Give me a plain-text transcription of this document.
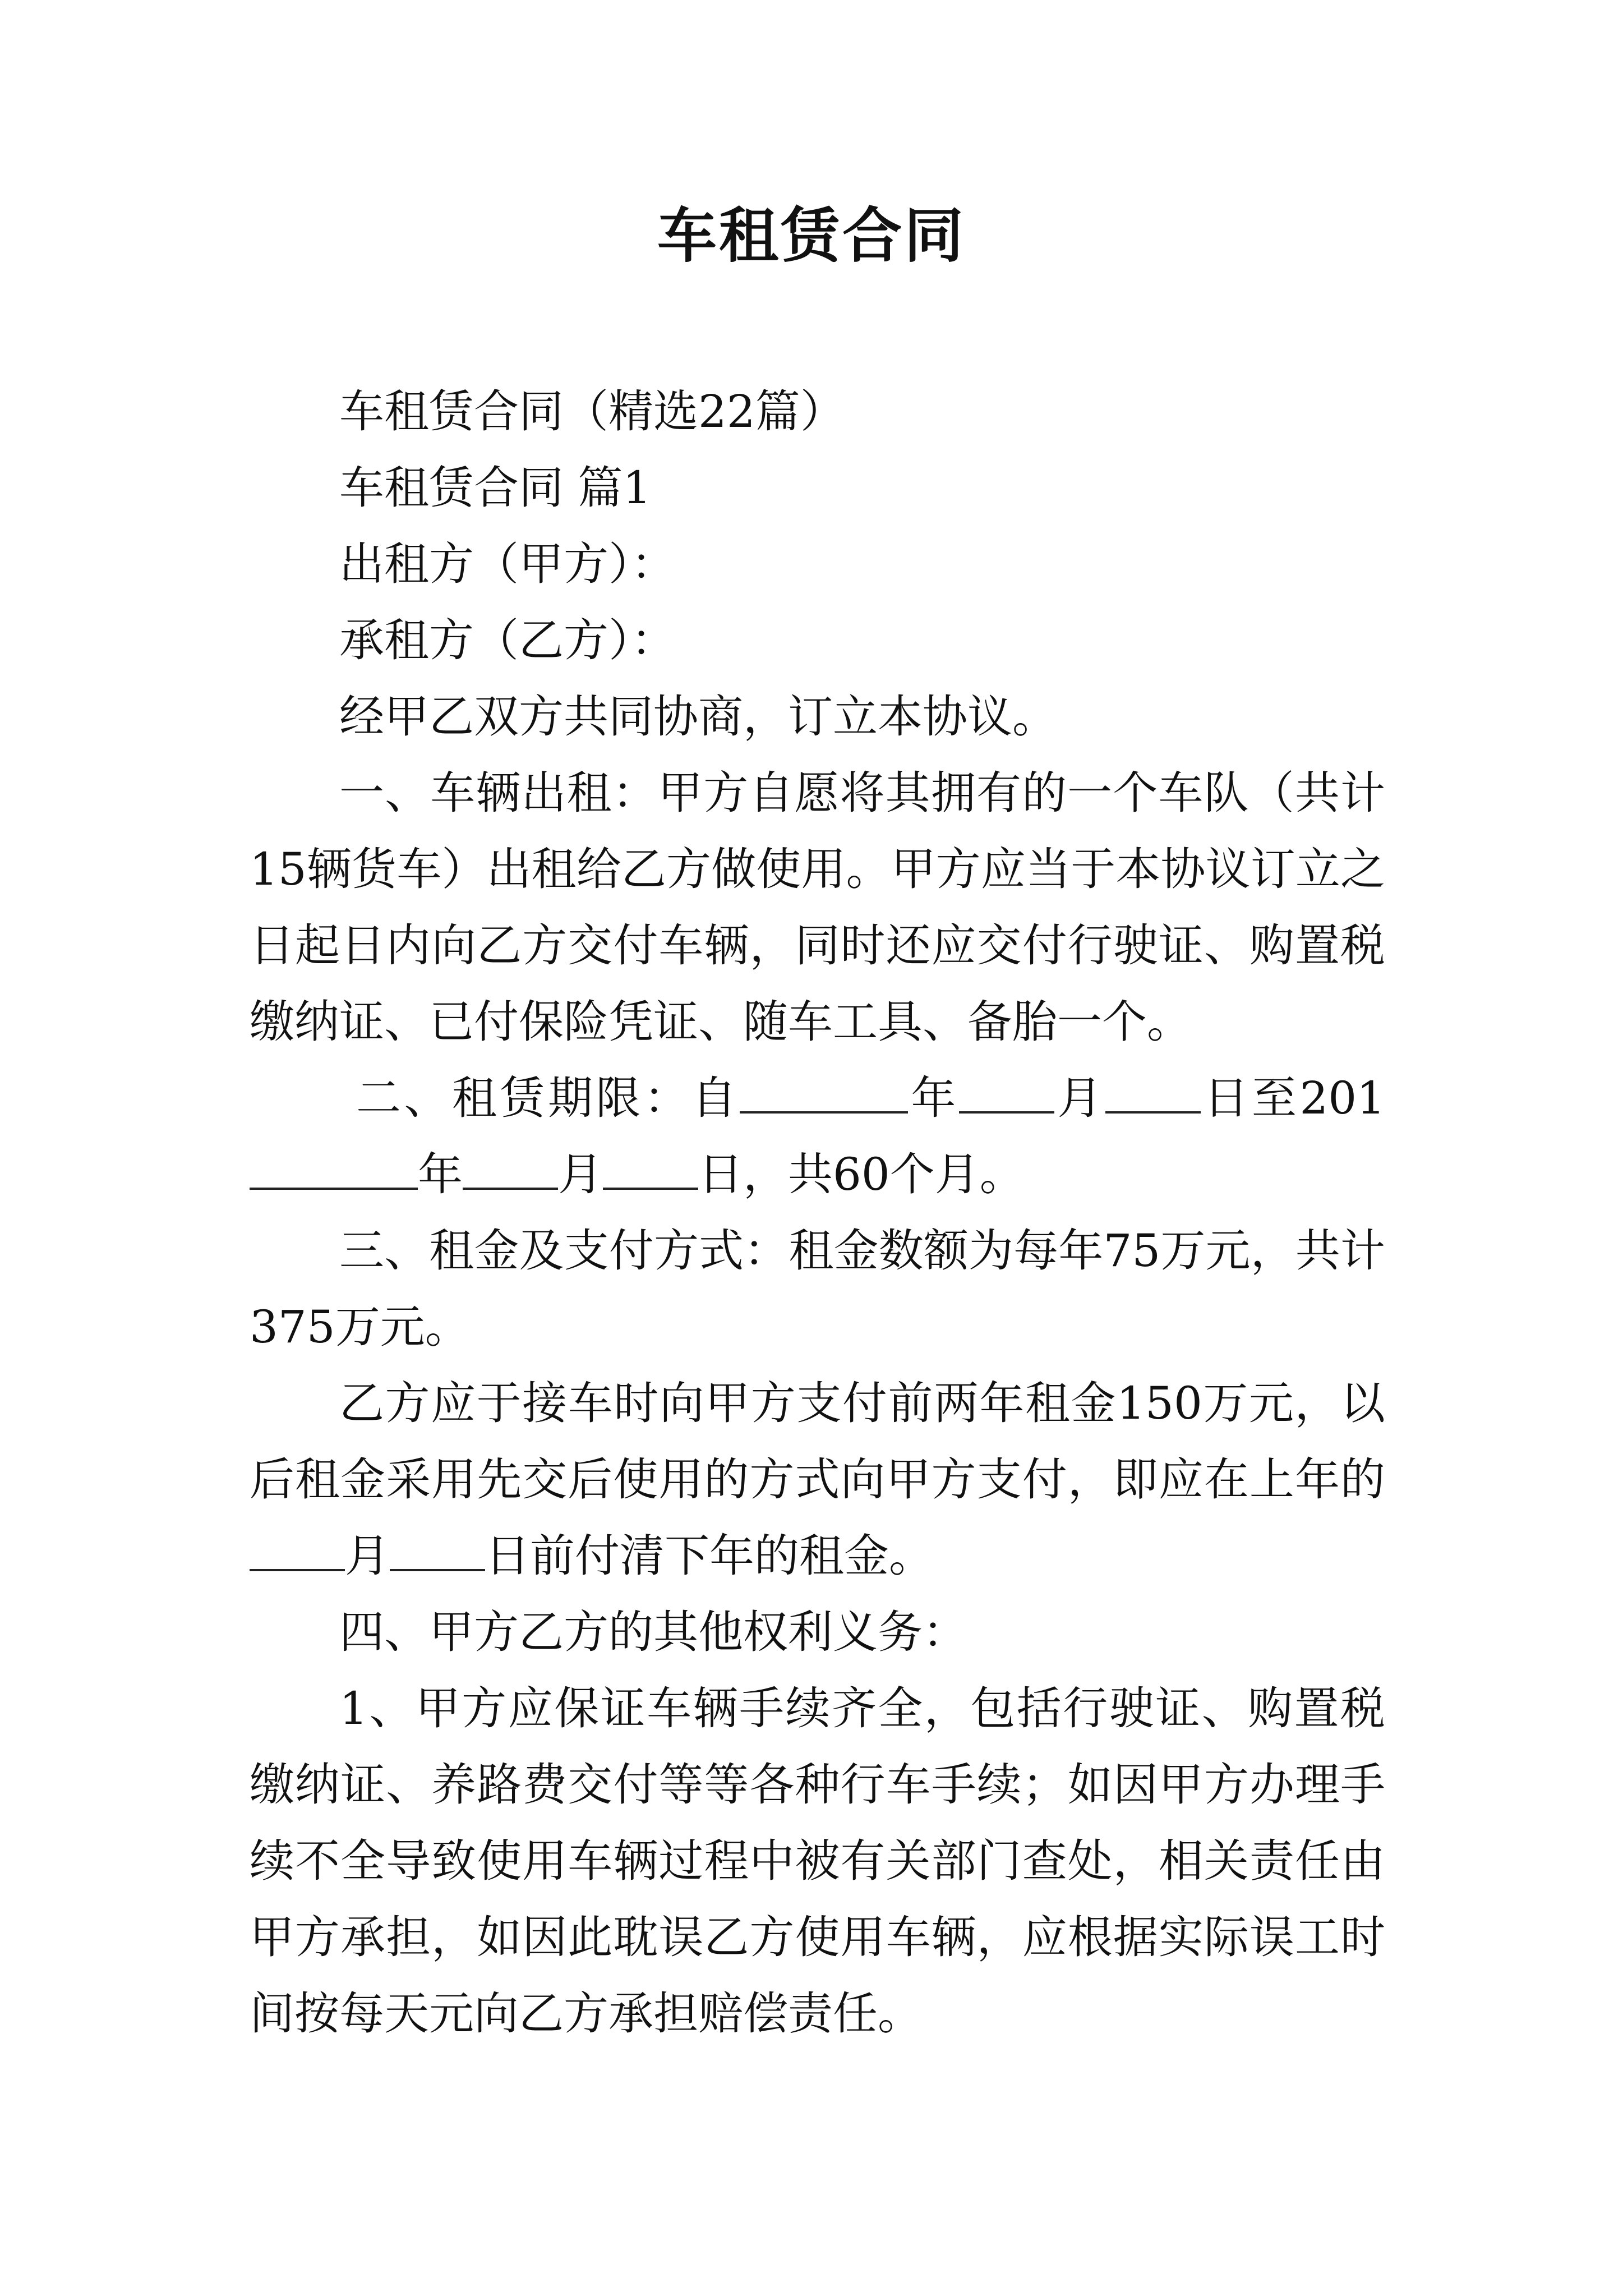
车租赁合同

车租赁合同（精选22篇）

车租赁合同 篇1

出租方（甲方）：

承租方（乙方）：

经甲乙双方共同协商，订立本协议。

一、车辆出租：甲方自愿将其拥有的一个车队（共计15辆货车）出租给乙方做使用。甲方应当于本协议订立之日起日内向乙方交付车辆，同时还应交付行驶证、购置税缴纳证、已付保险凭证、随车工具、备胎一个。

二、租赁期限：自	年 月 日至201年 月 日，共60个月。

三、租金及支付方式：租金数额为每年75万元，共计375万元。

乙方应于接车时向甲方支付前两年租金150万元，以后租金采用先交后使用的方式向甲方支付，即应在上年的月 日前付清下年的租金。

四、甲方乙方的其他权利义务：

1、甲方应保证车辆手续齐全，包括行驶证、购置税缴纳证、养路费交付等等各种行车手续；如因甲方办理手续不全导致使用车辆过程中被有关部门查处，相关责任由甲方承担，如因此耽误乙方使用车辆，应根据实际误工时间按每天元向乙方承担赔偿责任。
